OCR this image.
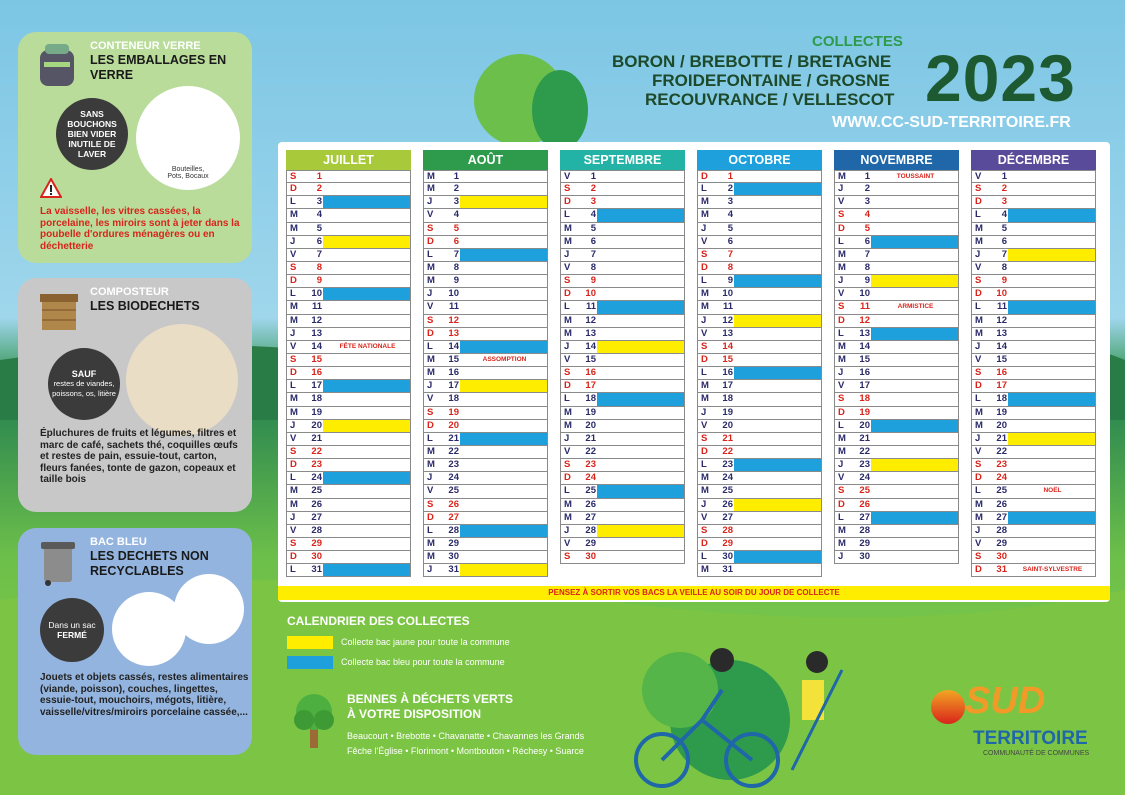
COLLECTES
BORON / BREBOTTE / BRETAGNE
FROIDEFONTAINE / GROSNE
RECOUVRANCE / VELLESCOT 2023
WWW.CC-SUD-TERRITOIRE.FR
CONTENEUR VERRE
LES EMBALLAGES EN VERRE
SANS BOUCHONS BIEN VIDER INUTILE DE LAVER
Bouteilles, Pots, Bocaux
La vaisselle, les vitres cassées, la porcelaine, les miroirs sont à jeter dans la poubelle d'ordures ménagères ou en déchetterie
COMPOSTEUR
LES BIODECHETS
SAUF
restes de viandes, poissons, os, litière
Épluchures de fruits et légumes, filtres et marc de café, sachets thé, coquilles œufs et restes de pain, essuie-tout, carton, fleurs fanées, tonte de gazon, copeaux et taille bois
BAC BLEU
LES DECHETS NON RECYCLABLES
Dans un sac
FERMÉ
Jouets et objets cassés, restes alimentaires (viande, poisson), couches, lingettes, essuie-tout, mouchoirs, mégots, litière, vaisselle/vitres/miroirs porcelaine cassée,...
JUILLET
S	1
D	2
L	3
M	4
M	5
J	6
V	7
S	8
D	9
L	10
M	11
M	12
J	13
V	14	FÊTE NATIONALE
S	15
D	16
L	17
M	18
M	19
J	20
V	21
S	22
D	23
L	24
M	25
M	26
J	27
V	28
S	29
D	30
L	31
AOÛT
M	1
M	2
J	3
V	4
S	5
D	6
L	7
M	8
M	9
J	10
V	11
S	12
D	13
L	14
M	15	ASSOMPTION
M	16
J	17
V	18
S	19
D	20
L	21
M	22
M	23
J	24
V	25
S	26
D	27
L	28
M	29
M	30
J	31
SEPTEMBRE
V	1
S	2
D	3
L	4
M	5
M	6
J	7
V	8
S	9
D	10
L	11
M	12
M	13
J	14
V	15
S	16
D	17
L	18
M	19
M	20
J	21
V	22
S	23
D	24
L	25
M	26
M	27
J	28
V	29
S	30
OCTOBRE
D	1
L	2
M	3
M	4
J	5
V	6
S	7
D	8
L	9
M	10
M	11
J	12
V	13
S	14
D	15
L	16
M	17
M	18
J	19
V	20
S	21
D	22
L	23
M	24
M	25
J	26
V	27
S	28
D	29
L	30
M	31
NOVEMBRE
M	1	TOUSSAINT
J	2
V	3
S	4
D	5
L	6
M	7
M	8
J	9
V	10
S	11	ARMISTICE
D	12
L	13
M	14
M	15
J	16
V	17
S	18
D	19
L	20
M	21
M	22
J	23
V	24
S	25
D	26
L	27
M	28
M	29
J	30
DÉCEMBRE
V	1
S	2
D	3
L	4
M	5
M	6
J	7
V	8
S	9
D	10
L	11
M	12
M	13
J	14
V	15
S	16
D	17
L	18
M	19
M	20
J	21
V	22
S	23
D	24
L	25	NOËL
M	26
M	27
J	28
V	29
S	30
D	31	SAINT-SYLVESTRE
PENSEZ À SORTIR VOS BACS LA VEILLE AU SOIR DU JOUR DE COLLECTE
CALENDRIER DES COLLECTES
Collecte bac jaune pour toute la commune
Collecte bac bleu pour toute la commune
BENNES À DÉCHETS VERTS À VOTRE DISPOSITION
Beaucourt • Brebotte • Chavanatte • Chavannes les Grands
Fêche l'Église • Florimont • Montbouton • Réchesy • Suarce
SUD
TERRITOIRE
COMMUNAUTÉ DE COMMUNES
